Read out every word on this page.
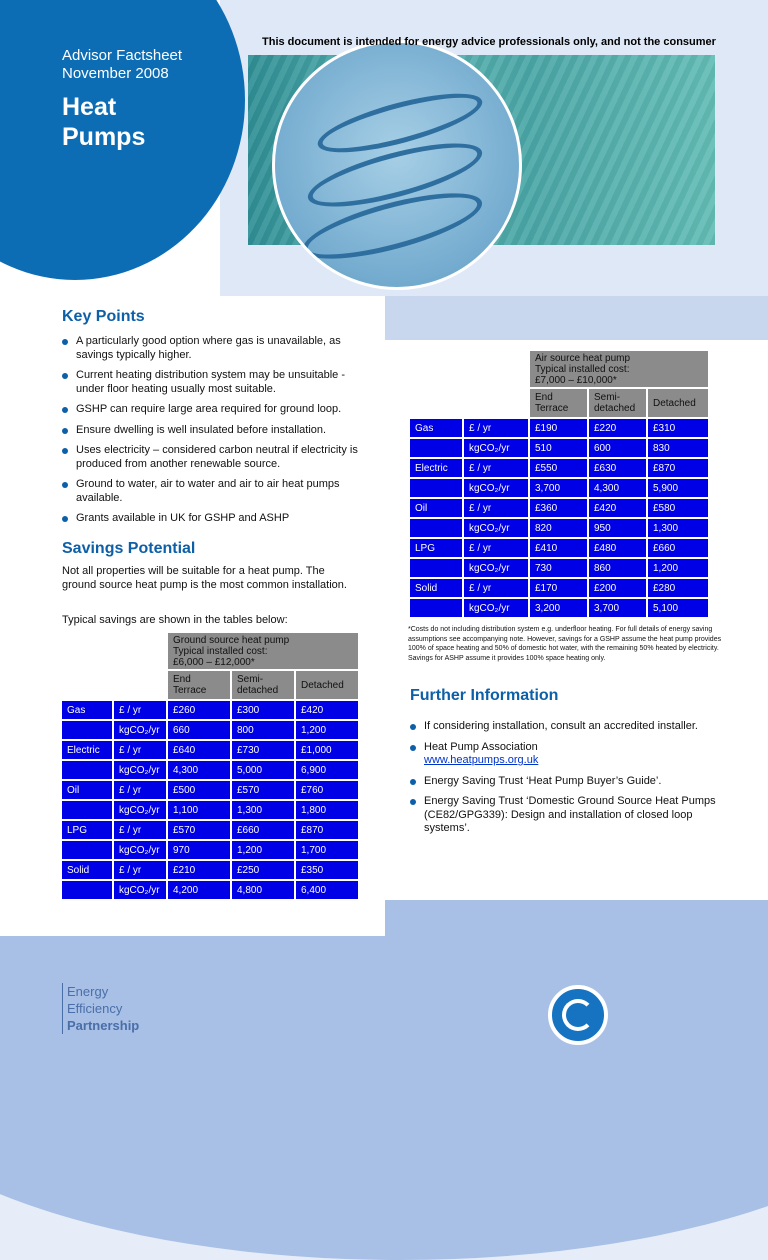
This document is intended for energy advice professionals only, and not the consumer
Advisor Factsheet
November 2008
Heat
Pumps
Key Points
A particularly good option where gas is unavailable, as savings typically higher.
Current heating distribution system may be unsuitable - under floor heating usually most suitable.
GSHP can require large area required for ground loop.
Ensure dwelling is well insulated before installation.
Uses electricity – considered carbon neutral if electricity is produced from another renewable source.
Ground to water, air to water and air to air heat pumps available.
Grants available in UK for GSHP and ASHP
Savings Potential
Not all properties will be suitable for a heat pump. The ground source heat pump is the most common installation.
Typical savings are shown in the tables below:

		Ground source heat pump
Typical installed cost:
£6,000 – £12,000*		

		End Terrace	Semi-detached	Detached
Gas	£ / yr	£260	£300	£420
	kgCO₂/yr	660	800	1,200
Electric	£ / yr	£640	£730	£1,000
	kgCO₂/yr	4,300	5,000	6,900
Oil	£ / yr	£500	£570	£760
	kgCO₂/yr	1,100	1,300	1,800
LPG	£ / yr	£570	£660	£870
	kgCO₂/yr	970	1,200	1,700
Solid	£ / yr	£210	£250	£350
	kgCO₂/yr	4,200	4,800	6,400

		Air source heat pump
Typical installed cost:
£7,000 – £10,000*		

		End Terrace	Semi-detached	Detached
Gas	£ / yr	£190	£220	£310
	kgCO₂/yr	510	600	830
Electric	£ / yr	£550	£630	£870
	kgCO₂/yr	3,700	4,300	5,900
Oil	£ / yr	£360	£420	£580
	kgCO₂/yr	820	950	1,300
LPG	£ / yr	£410	£480	£660
	kgCO₂/yr	730	860	1,200
Solid	£ / yr	£170	£200	£280
	kgCO₂/yr	3,200	3,700	5,100
*Costs do not including distribution system e.g. underfloor heating. For full details of energy saving assumptions see accompanying note. However, savings for a GSHP assume the heat pump provides 100% of space heating and 50% of domestic hot water, with the remaining 50% heated by electricity. Savings for ASHP assume it provides 100% space heating only.
Further Information
If considering installation, consult an accredited installer.
Heat Pump Association
www.heatpumps.org.uk
Energy Saving Trust ‘Heat Pump Buyer’s Guide’.
Energy Saving Trust ‘Domestic Ground Source Heat Pumps (CE82/GPG339): Design and installation of closed loop systems’.
Energy
Efficiency
Partnership
